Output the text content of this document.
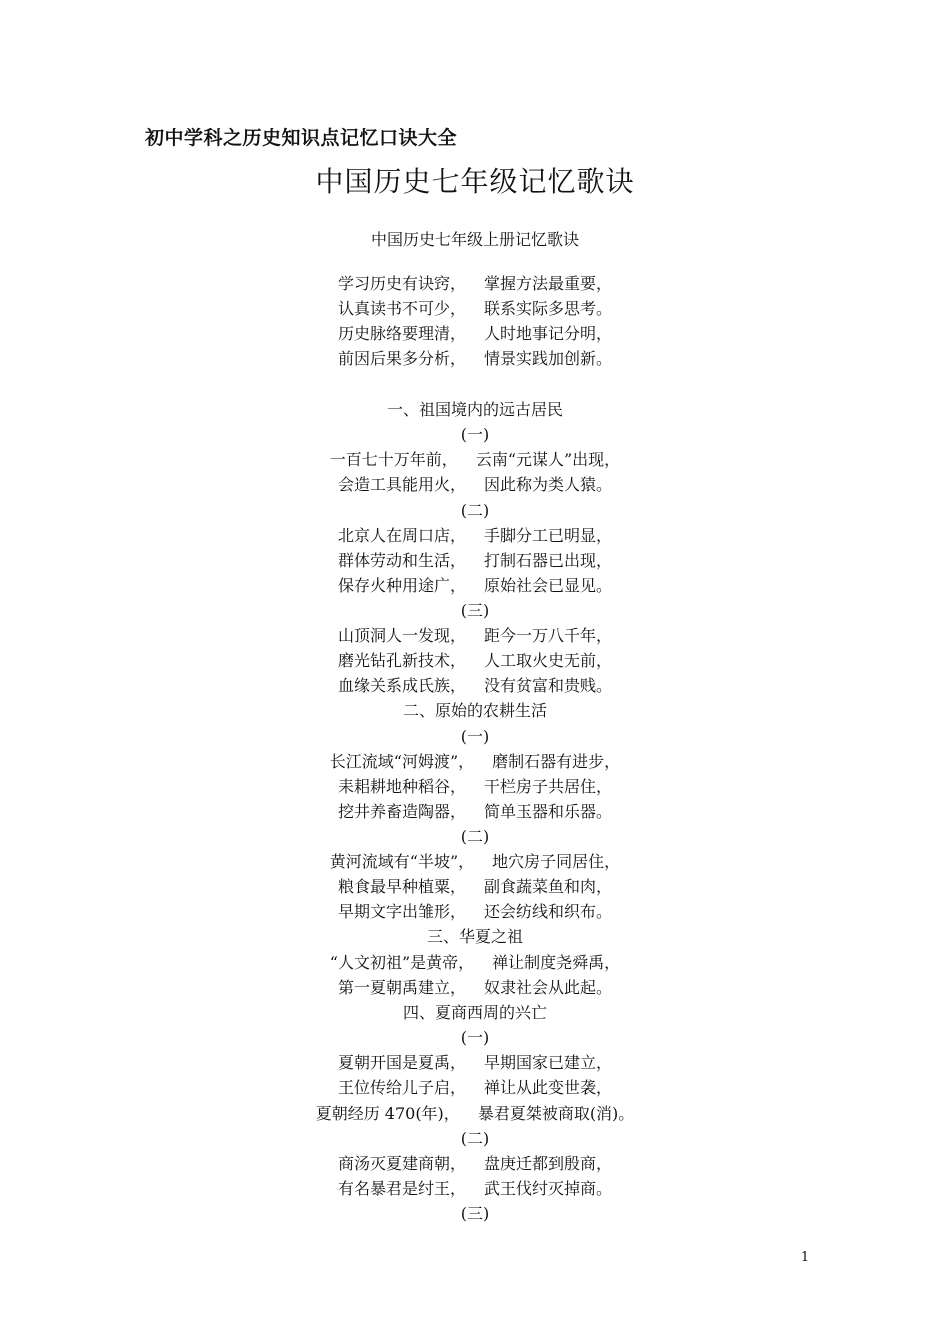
初中学科之历史知识点记忆口诀大全
中国历史七年级记忆歌诀
中国历史七年级上册记忆歌诀
学习历史有诀窍， 掌握方法最重要，
认真读书不可少， 联系实际多思考。
历史脉络要理清， 人时地事记分明，
前因后果多分析， 情景实践加创新。
一、祖国境内的远古居民
(一)
一百七十万年前， 云南“元谋人”出现，
会造工具能用火， 因此称为类人猿。
(二)
北京人在周口店， 手脚分工已明显，
群体劳动和生活， 打制石器已出现，
保存火种用途广， 原始社会已显见。
(三)
山顶洞人一发现， 距今一万八千年，
磨光钻孔新技术， 人工取火史无前，
血缘关系成氏族， 没有贫富和贵贱。
二、原始的农耕生活
(一)
长江流域“河姆渡”， 磨制石器有进步，
耒耜耕地种稻谷， 干栏房子共居住，
挖井养畜造陶器， 简单玉器和乐器。
(二)
黄河流域有“半坡”， 地穴房子同居住，
粮食最早种植粟， 副食蔬菜鱼和肉，
早期文字出雏形， 还会纺线和织布。
三、华夏之祖
“人文初祖”是黄帝， 禅让制度尧舜禹，
第一夏朝禹建立， 奴隶社会从此起。
四、夏商西周的兴亡
(一)
夏朝开国是夏禹， 早期国家已建立，
王位传给儿子启， 禅让从此变世袭，
夏朝经历 470(年)， 暴君夏桀被商取(消)。
(二)
商汤灭夏建商朝， 盘庚迁都到殷商，
有名暴君是纣王， 武王伐纣灭掉商。
(三)
1
